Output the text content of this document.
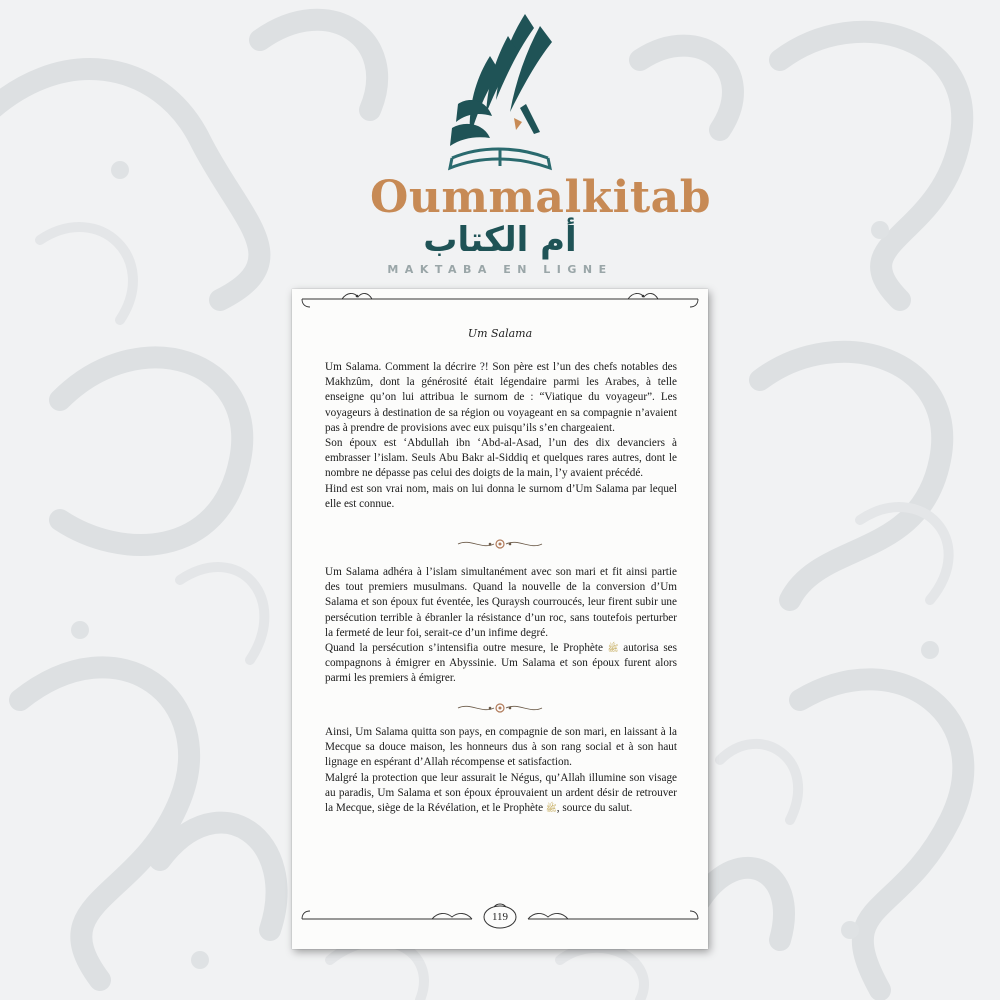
Oummalkitab
أم الكتاب
MAKTABA EN LIGNE
Um Salama

Um Salama. Comment la décrire ?! Son père est l’un des chefs notables des Makhzûm, dont la générosité était légendaire parmi les Arabes, à telle enseigne qu’on lui attribua le surnom de : “Viatique du voyageur”. Les voyageurs à destination de sa région ou voyageant en sa compagnie n’avaient pas à prendre de provisions avec eux puisqu’ils s’en chargeaient.

Son époux est ‘Abdullah ibn ‘Abd-al-Asad, l’un des dix devanciers à embrasser l’islam. Seuls Abu Bakr al-Siddiq et quelques rares autres, dont le nombre ne dépasse pas celui des doigts de la main, l’y avaient précédé.

Hind est son vrai nom, mais on lui donna le surnom d’Um Salama par lequel elle est connue.

Um Salama adhéra à l’islam simultanément avec son mari et fit ainsi partie des tout premiers musulmans. Quand la nouvelle de la conversion d’Um Salama et son époux fut éventée, les Quraysh courroucés, leur firent subir une persécution terrible à ébranler la résistance d’un roc, sans toutefois perturber la fermeté de leur foi, serait-ce d’un infime degré.

Quand la persécution s’intensifia outre mesure, le Prophète ﷺ autorisa ses compagnons à émigrer en Abyssinie. Um Salama et son époux furent alors parmi les premiers à émigrer.

Ainsi, Um Salama quitta son pays, en compagnie de son mari, en laissant à la Mecque sa douce maison, les honneurs dus à son rang social et à son haut lignage en espérant d’Allah récompense et satisfaction.

Malgré la protection que leur assurait le Négus, qu’Allah illumine son visage au paradis, Um Salama et son époux éprouvaient un ardent désir de retrouver la Mecque, siège de la Révélation, et le Prophète ﷺ, source du salut.

119
